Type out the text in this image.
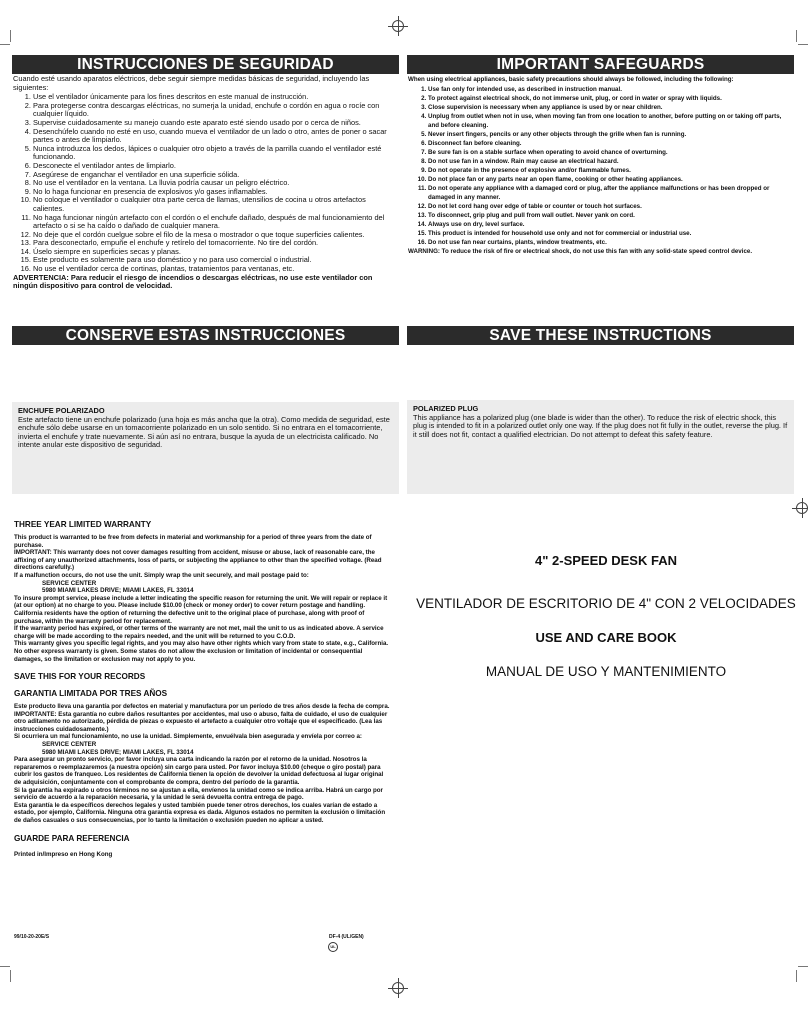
INSTRUCCIONES DE SEGURIDAD
Cuando esté usando aparatos eléctricos, debe seguir siempre medidas básicas de seguridad, incluyendo las siguientes:
1. Use el ventilador únicamente para los fines descritos en este manual de instrucción.
2. Para protegerse contra descargas eléctricas, no sumerja la unidad, enchufe o cordón en agua o rocíe con cualquier líquido.
3. Supervise cuidadosamente su manejo cuando este aparato esté siendo usado por o cerca de niños.
4. Desenchúfelo cuando no esté en uso, cuando mueva el ventilador de un lado o otro, antes de poner o sacar partes o antes de limpiarlo.
5. Nunca introduzca los dedos, lápices o cualquier otro objeto a través de la parrilla cuando el ventilador esté funcionando.
6. Desconecte el ventilador antes de limpiarlo.
7. Asegúrese de enganchar el ventilador en una superficie sólida.
8. No use el ventilador en la ventana. La lluvia podría causar un peligro eléctrico.
9. No lo haga funcionar en presencia de explosivos y/o gases inflamables.
10. No coloque el ventilador o cualquier otra parte cerca de llamas, utensilios de cocina u otros artefactos calientes.
11. No haga funcionar ningún artefacto con el cordón o el enchufe dañado, después de mal funcionamiento del artefacto o si se ha caído o dañado de cualquier manera.
12. No deje que el cordón cuelgue sobre el filo de la mesa o mostrador o que toque superficies calientes.
13. Para desconectarlo, empuñe el enchufe y retírelo del tomacorriente. No tire del cordón.
14. Úselo siempre en superficies secas y planas.
15. Este producto es solamente para uso doméstico y no para uso comercial o industrial.
16. No use el ventilador cerca de cortinas, plantas, tratamientos para ventanas, etc.
ADVERTENCIA: Para reducir el riesgo de incendios o descargas eléctricas, no use este ventilador con ningún dispositivo para control de velocidad.
CONSERVE ESTAS INSTRUCCIONES
ENCHUFE POLARIZADO
Este artefacto tiene un enchufe polarizado (una hoja es más ancha que la otra). Como medida de seguridad, este enchufe sólo debe usarse en un tomacorriente polarizado en un solo sentido. Si no entrara en el tomacorriente, invierta el enchufe y trate nuevamente. Si aún así no entrara, busque la ayuda de un electricista calificado. No intente anular este dispositivo de seguridad.
IMPORTANT SAFEGUARDS
When using electrical appliances, basic safety precautions should always be followed, including the following:
1. Use fan only for intended use, as described in instruction manual.
2. To protect against electrical shock, do not immerse unit, plug, or cord in water or spray with liquids.
3. Close supervision is necessary when any appliance is used by or near children.
4. Unplug from outlet when not in use, when moving fan from one location to another, before putting on or taking off parts, and before cleaning.
5. Never insert fingers, pencils or any other objects through the grille when fan is running.
6. Disconnect fan before cleaning.
7. Be sure fan is on a stable surface when operating to avoid chance of overturning.
8. Do not use fan in a window. Rain may cause an electrical hazard.
9. Do not operate in the presence of explosive and/or flammable fumes.
10. Do not place fan or any parts near an open flame, cooking or other heating appliances.
11. Do not operate any appliance with a damaged cord or plug, after the appliance malfunctions or has been dropped or damaged in any manner.
12. Do not let cord hang over edge of table or counter or touch hot surfaces.
13. To disconnect, grip plug and pull from wall outlet. Never yank on cord.
14. Always use on dry, level surface.
15. This product is intended for household use only and not for commercial or industrial use.
16. Do not use fan near curtains, plants, window treatments, etc.
WARNING: To reduce the risk of fire or electrical shock, do not use this fan with any solid-state speed control device.
SAVE THESE INSTRUCTIONS
POLARIZED PLUG
This appliance has a polarized plug (one blade is wider than the other). To reduce the risk of electric shock, this plug is intended to fit in a polarized outlet only one way. If the plug does not fit fully in the outlet, reverse the plug. If it still does not fit, contact a qualified electrician. Do not attempt to defeat this safety feature.
THREE YEAR LIMITED WARRANTY

This product is warranted to be free from defects in material and workmanship for a period of three years from the date of purchase.

IMPORTANT: This warranty does not cover damages resulting from accident, misuse or abuse, lack of reasonable care, the affixing of any unauthorized attachments, loss of parts, or subjecting the appliance to other than the specified voltage. (Read directions carefully.)

If a malfunction occurs, do not use the unit. Simply wrap the unit securely, and mail postage paid to:

SERVICE CENTER

5980 MIAMI LAKES DRIVE; MIAMI LAKES, FL 33014

To insure prompt service, please include a letter indicating the specific reason for returning the unit. We will repair or replace it (at our option) at no charge to you. Please include $10.00 (check or money order) to cover return postage and handling. California residents have the option of returning the defective unit to the original place of purchase, along with proof of purchase, within the warranty period for replacement.

If the warranty period has expired, or other terms of the warranty are not met, mail the unit to us as indicated above. A service charge will be made according to the repairs needed, and the unit will be returned to you C.O.D.

This warranty gives you specific legal rights, and you may also have other rights which vary from state to state, e.g., California. No other express warranty is given. Some states do not allow the exclusion or limitation of incidental or consequential damages, so the limitation or exclusion may not apply to you.

SAVE THIS FOR YOUR RECORDS
GARANTIA LIMITADA POR TRES AÑOS

Este producto lleva una garantía por defectos en material y manufactura por un período de tres años desde la fecha de compra.

IMPORTANTE: Esta garantía no cubre daños resultantes por accidentes, mal uso o abuso, falta de cuidado, el uso de cualquier otro aditamento no autorizado, pérdida de piezas o expuesto el artefacto a cualquier otro voltaje que el especificado. (Lea las instrucciones cuidadosamente.)

Si ocurriera un mal funcionamiento, no use la unidad. Simplemente, envuélvala bien asegurada y envíela por correo a:

SERVICE CENTER

5980 MIAMI LAKES DRIVE; MIAMI LAKES, FL 33014

Para asegurar un pronto servicio, por favor incluya una carta indicando la razón por el retorno de la unidad. Nosotros la repararemos o reemplazaremos (a nuestra opción) sin cargo para usted. Por favor incluya $10.00 (cheque o giro postal) para cubrir los gastos de franqueo. Los residentes de California tienen la opción de devolver la unidad defectuosa al lugar original de adquisición, conjuntamente con el comprobante de compra, dentro del período de la garantía.

Si la garantía ha expirado u otros términos no se ajustan a ella, envíenos la unidad como se indica arriba. Habrá un cargo por servicio de acuerdo a la reparación necesaria, y la unidad le será devuelta contra entrega de pago.

Esta garantía le da específicos derechos legales y usted también puede tener otros derechos, los cuales varían de estado a estado, por ejemplo, California. Ninguna otra garantía expresa es dada. Algunos estados no permiten la exclusión o limitación de daños casuales o sus consecuencias, por lo tanto la limitación o exclusión pueden no aplicar a usted.

GUARDE PARA REFERENCIA

Printed in/Impreso en Hong Kong

4" 2-SPEED DESK FAN
VENTILADOR DE ESCRITORIO DE 4" CON 2 VELOCIDADES
USE AND CARE BOOK
MANUAL DE USO Y MANTENIMIENTO
99/10-20-20E/S	DF-4 (UL/GEN)
UL
